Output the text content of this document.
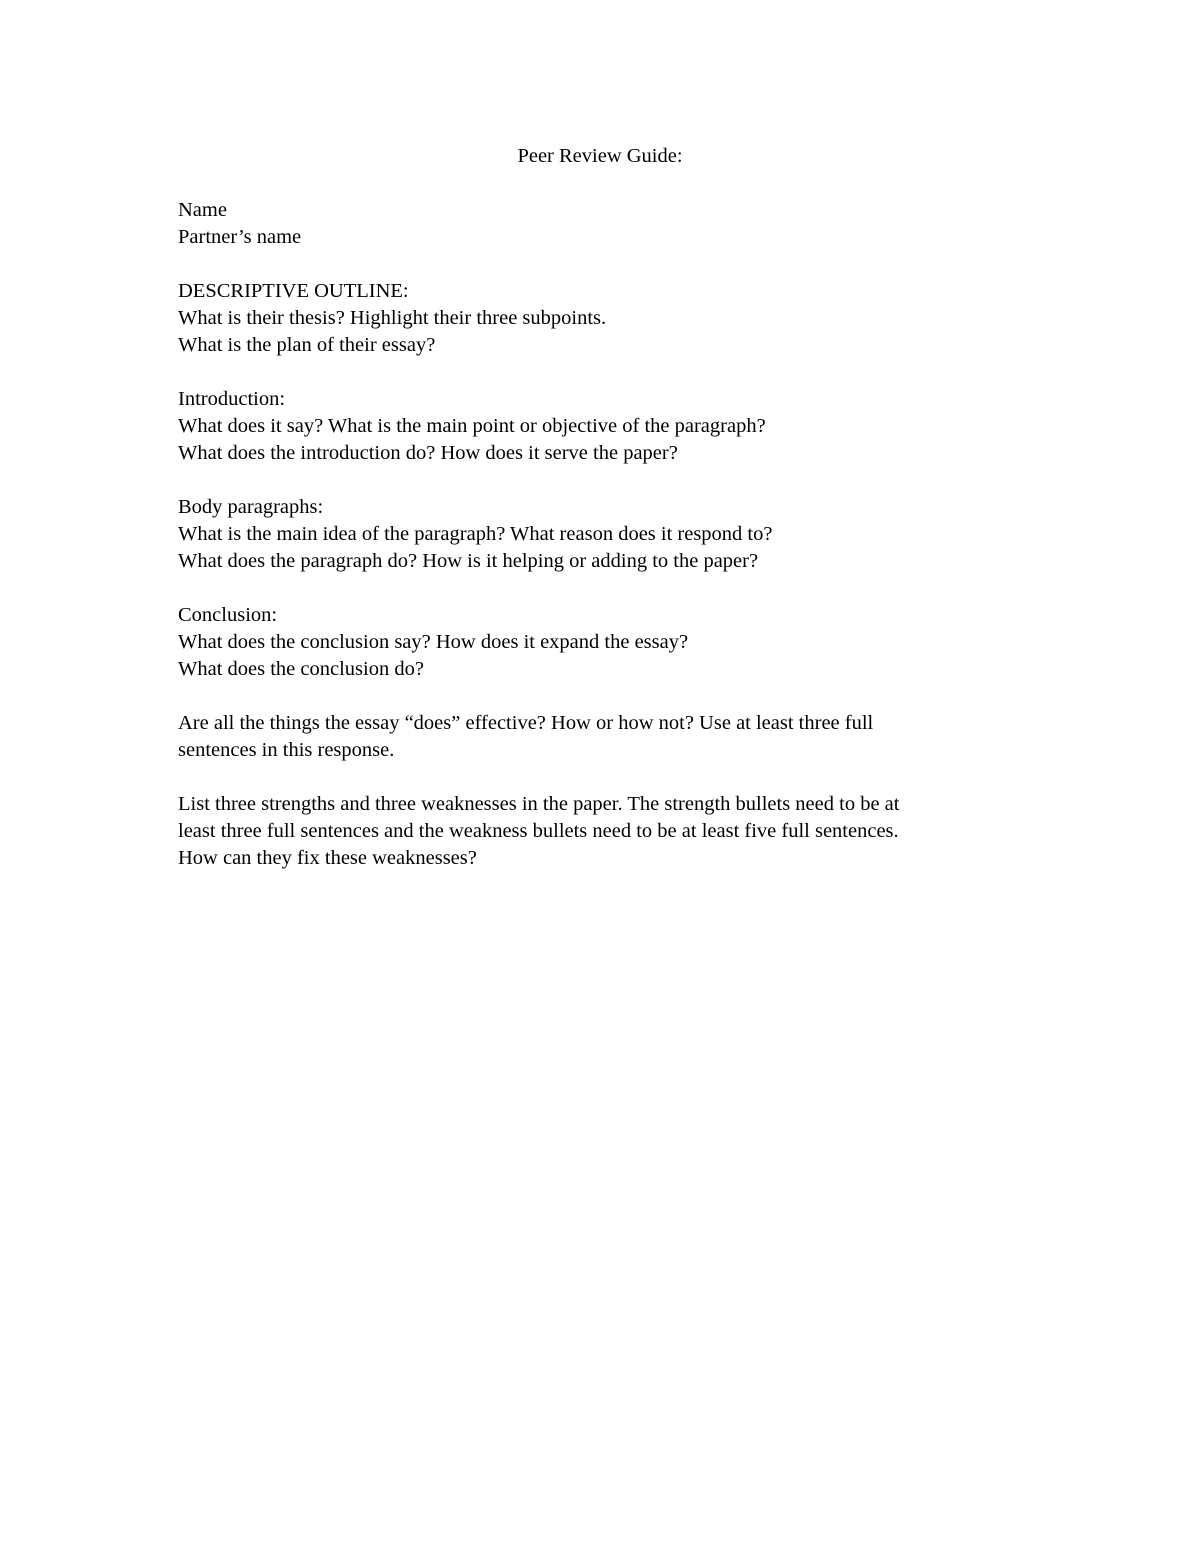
Peer Review Guide:
Name
Partner’s name
DESCRIPTIVE OUTLINE:
What is their thesis? Highlight their three subpoints.
What is the plan of their essay?
Introduction:
What does it say? What is the main point or objective of the paragraph?
What does the introduction do? How does it serve the paper?
Body paragraphs:
What is the main idea of the paragraph? What reason does it respond to?
What does the paragraph do? How is it helping or adding to the paper?
Conclusion:
What does the conclusion say? How does it expand the essay?
What does the conclusion do?
Are all the things the essay “does” effective? How or how not? Use at least three full
sentences in this response.
List three strengths and three weaknesses in the paper. The strength bullets need to be at
least three full sentences and the weakness bullets need to be at least five full sentences.
How can they fix these weaknesses?
